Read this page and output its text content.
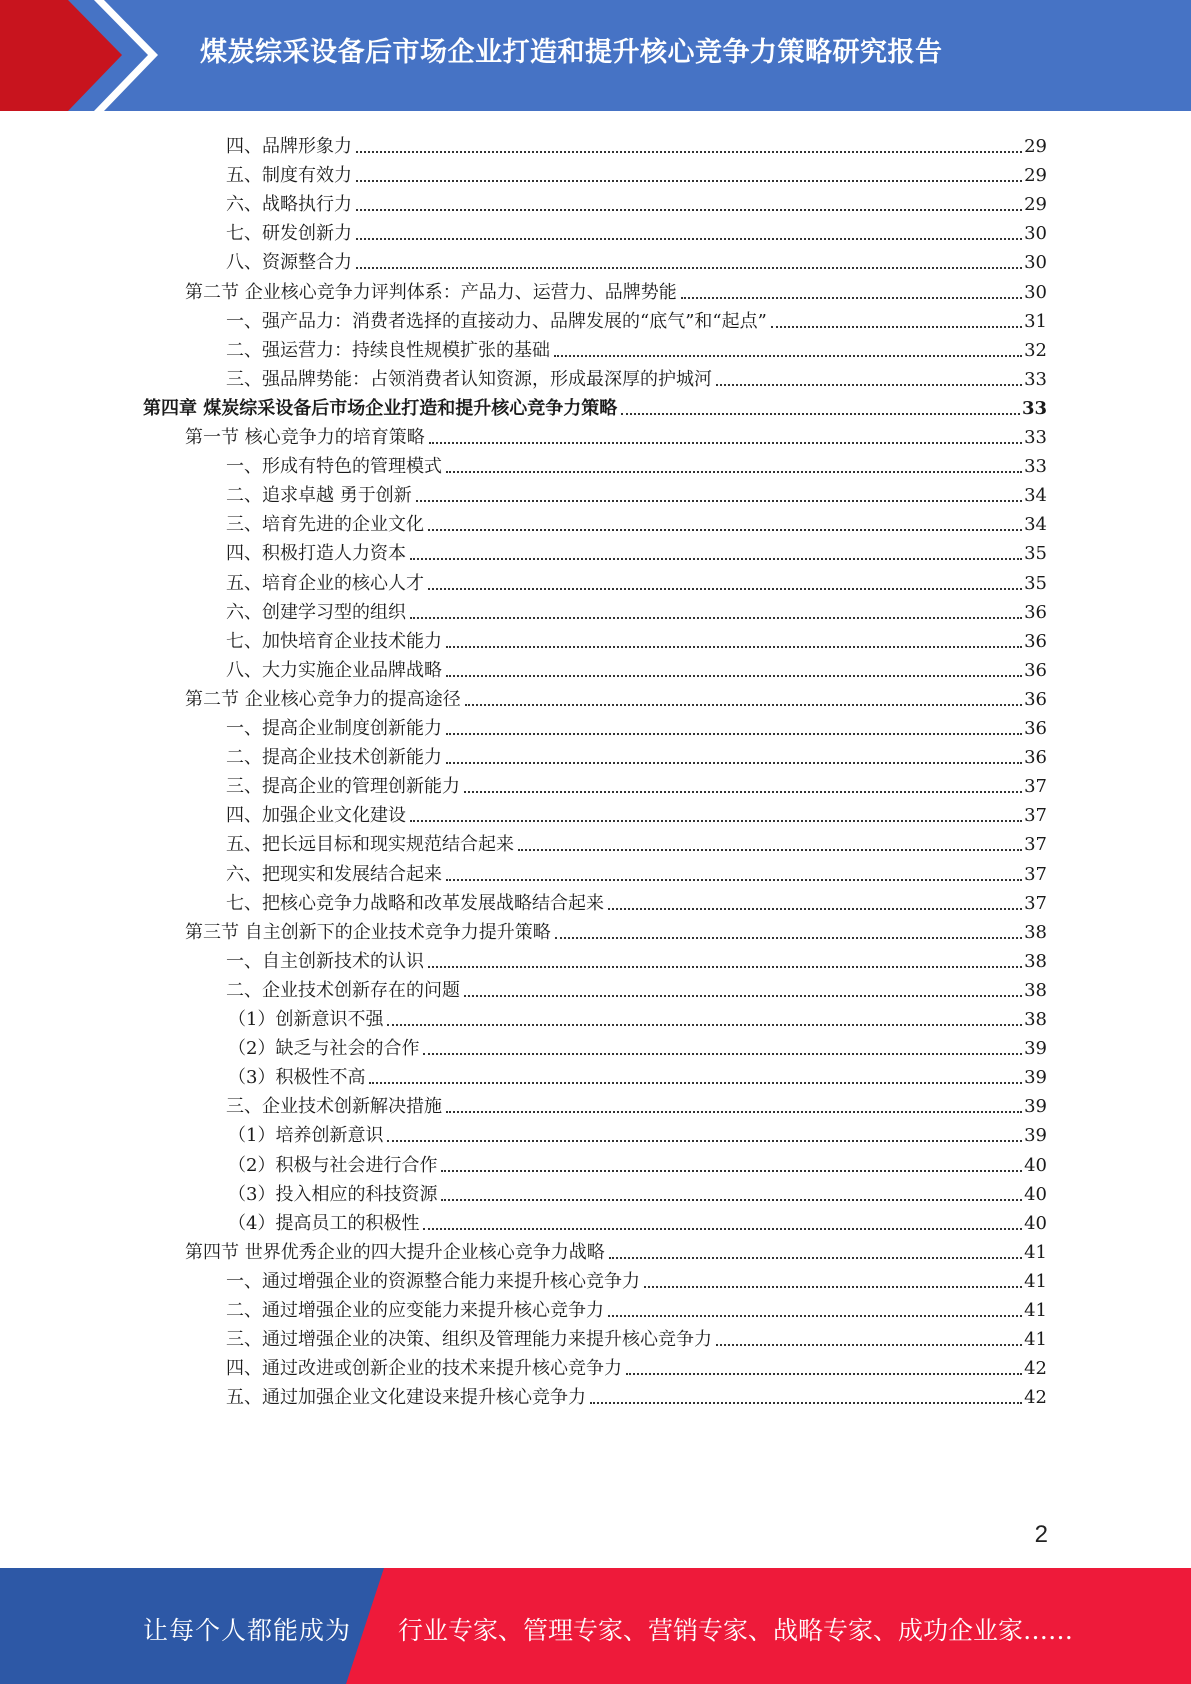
煤炭综采设备后市场企业打造和提升核心竞争力策略研究报告
四、品牌形象力	29
五、制度有效力	29
六、战略执行力	29
七、研发创新力	30
八、资源整合力	30
第二节 企业核心竞争力评判体系：产品力、运营力、品牌势能	30
一、强产品力：消费者选择的直接动力、品牌发展的“底气”和“起点”	31
二、强运营力：持续良性规模扩张的基础	32
三、强品牌势能：占领消费者认知资源，形成最深厚的护城河	33
第四章 煤炭综采设备后市场企业打造和提升核心竞争力策略	33
第一节 核心竞争力的培育策略	33
一、形成有特色的管理模式	33
二、追求卓越 勇于创新	34
三、培育先进的企业文化	34
四、积极打造人力资本	35
五、培育企业的核心人才	35
六、创建学习型的组织	36
七、加快培育企业技术能力	36
八、大力实施企业品牌战略	36
第二节 企业核心竞争力的提高途径	36
一、提高企业制度创新能力	36
二、提高企业技术创新能力	36
三、提高企业的管理创新能力	37
四、加强企业文化建设	37
五、把长远目标和现实规范结合起来	37
六、把现实和发展结合起来	37
七、把核心竞争力战略和改革发展战略结合起来	37
第三节 自主创新下的企业技术竞争力提升策略	38
一、自主创新技术的认识	38
二、企业技术创新存在的问题	38
（1）创新意识不强	38
（2）缺乏与社会的合作	39
（3）积极性不高	39
三、企业技术创新解决措施	39
（1）培养创新意识	39
（2）积极与社会进行合作	40
（3）投入相应的科技资源	40
（4）提高员工的积极性	40
第四节 世界优秀企业的四大提升企业核心竞争力战略	41
一、通过增强企业的资源整合能力来提升核心竞争力	41
二、通过增强企业的应变能力来提升核心竞争力	41
三、通过增强企业的决策、组织及管理能力来提升核心竞争力	41
四、通过改进或创新企业的技术来提升核心竞争力	42
五、通过加强企业文化建设来提升核心竞争力	42
2
让每个人都能成为 行业专家、管理专家、营销专家、战略专家、成功企业家……
